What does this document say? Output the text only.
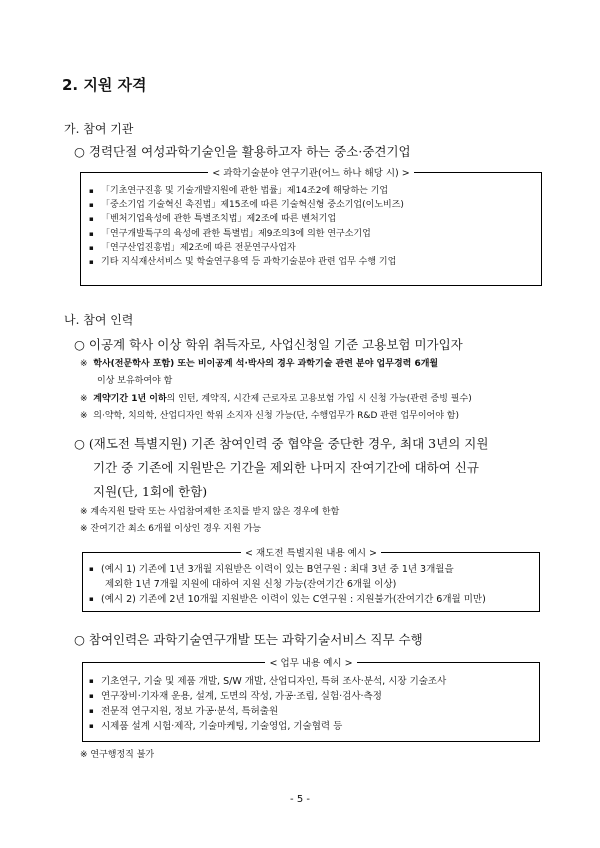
2. 지원 자격
가. 참여 기관
○ 경력단절 여성과학기술인을 활용하고자 하는 중소·중견기업
< 과학기술분야 연구기관(어느 하나 해당 시) >
▪ 「기초연구진흥 및 기술개발지원에 관한 법률」제14조2에 해당하는 기업
▪ 「중소기업 기술혁신 촉진법」제15조에 따른 기술혁신형 중소기업(이노비즈)
▪ 「벤처기업육성에 관한 특별조치법」제2조에 따른 벤처기업
▪ 「연구개발특구의 육성에 관한 특별법」제9조의3에 의한 연구소기업
▪ 「연구산업진흥법」제2조에 따른 전문연구사업자
▪ 기타 지식재산서비스 및 학술연구용역 등 과학기술분야 관련 업무 수행 기업
나. 참여 인력
○ 이공계 학사 이상 학위 취득자로, 사업신청일 기준 고용보험 미가입자
※ 학사(전문학사 포함) 또는 비이공계 석·박사의 경우 과학기술 관련 분야 업무경력 6개월
이상 보유하여야 함
※ 계약기간 1년 이하의 인턴, 계약직, 시간제 근로자로 고용보험 가입 시 신청 가능(관련 증빙 필수)
※ 의·약학, 치의학, 산업디자인 학위 소지자 신청 가능(단, 수행업무가 R&D 관련 업무이어야 함)
○ (재도전 특별지원) 기존 참여인력 중 협약을 중단한 경우, 최대 3년의 지원
기간 중 기존에 지원받은 기간을 제외한 나머지 잔여기간에 대하여 신규
지원(단, 1회에 한함)
※ 계속지원 탈락 또는 사업참여제한 조치를 받지 않은 경우에 한함
※ 잔여기간 최소 6개월 이상인 경우 지원 가능
< 재도전 특별지원 내용 예시 >
▪ (예시 1) 기존에 1년 3개월 지원받은 이력이 있는 B연구원 : 최대 3년 중 1년 3개월을
제외한 1년 7개월 지원에 대하여 지원 신청 가능(잔여기간 6개월 이상)
▪ (예시 2) 기존에 2년 10개월 지원받은 이력이 있는 C연구원 : 지원불가(잔여기간 6개월 미만)
○ 참여인력은 과학기술연구개발 또는 과학기술서비스 직무 수행
< 업무 내용 예시 >
▪ 기초연구, 기술 및 제품 개발, S/W 개발, 산업디자인, 특허 조사·분석, 시장 기술조사
▪ 연구장비·기자재 운용, 설계, 도면의 작성, 가공·조립, 실험·검사·측정
▪ 전문적 연구지원, 정보 가공·분석, 특허출원
▪ 시제품 설계 시험·제작, 기술마케팅, 기술영업, 기술협력 등
※ 연구행정직 불가
- 5 -
